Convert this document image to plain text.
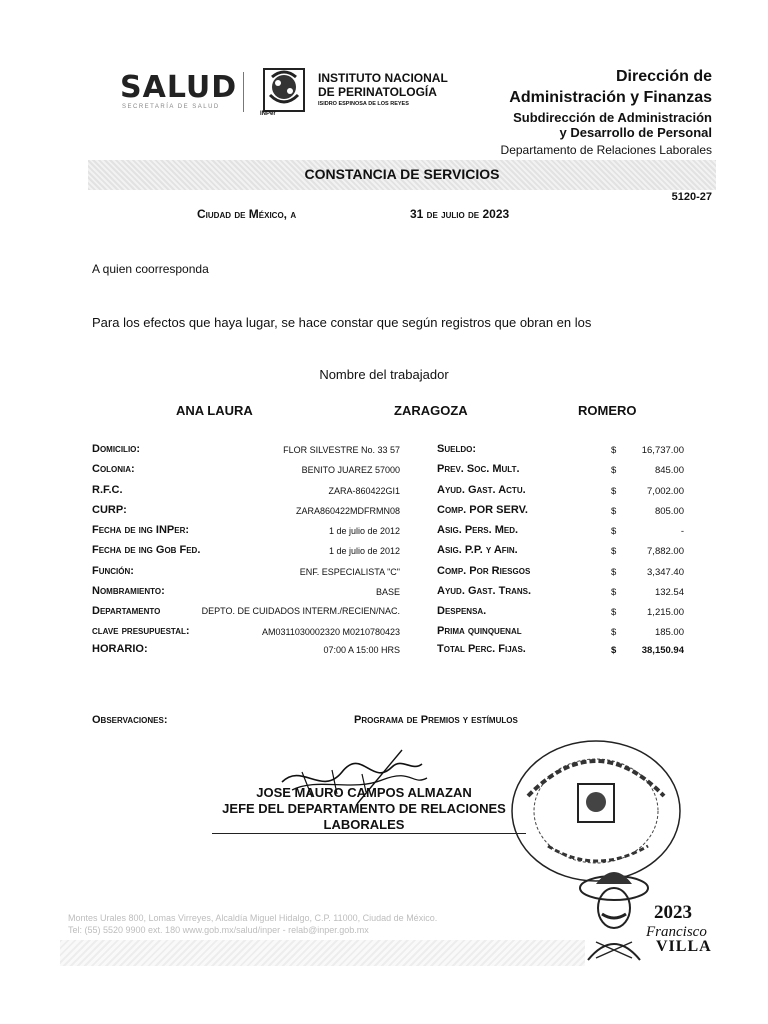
SALUD
SECRETARÍA DE SALUD
INPer
INSTITUTO NACIONAL
DE PERINATOLOGÍA
ISIDRO ESPINOSA DE LOS REYES
Dirección de
Administración y Finanzas
Subdirección de Administración
y Desarrollo de Personal
Departamento de Relaciones Laborales
CONSTANCIA DE SERVICIOS
5120-27
Ciudad de México, a	31 de julio de 2023
A quien coorresponda
Para los efectos que haya lugar, se hace constar que según registros que obran en los
Nombre del trabajador
ANA LAURA	ZARAGOZA	ROMERO
Domicilio:	FLOR SILVESTRE No. 33 57
Colonia:	BENITO JUAREZ 57000
R.F.C.	ZARA-860422GI1
CURP:	ZARA860422MDFRMN08
Fecha de ing INPer:	1 de julio de 2012
Fecha de ing Gob Fed.	1 de julio de 2012
Función:	ENF. ESPECIALISTA "C"
Nombramiento:	BASE
Departamento	DEPTO. DE CUIDADOS INTERM./RECIEN/NAC.
clave presupuestal:	AM0311030002320 M0210780423
HORARIO:	07:00 A 15:00 HRS
Sueldo:	$	16,737.00
Prev. Soc. Mult.	$	845.00
Ayud. Gast. Actu.	$	7,002.00
Comp. POR SERV.	$	805.00
Asig. Pers. Med.	$	-
Asig. P.P. y Afin.	$	7,882.00
Comp. Por Riesgos	$	3,347.40
Ayud. Gast. Trans.	$	132.54
Despensa.	$	1,215.00
Prima quinquenal	$	185.00
Total Perc. Fijas.	$	38,150.94
Observaciones:	Programa de Premios y estímulos
JOSE MAURO CAMPOS ALMAZAN
JEFE DEL DEPARTAMENTO DE RELACIONES
LABORALES
Montes Urales 800, Lomas Virreyes, Alcaldía Miguel Hidalgo, C.P. 11000, Ciudad de México.
Tel: (55) 5520 9900 ext. 180 www.gob.mx/salud/inper - relab@inper.gob.mx
2023
Francisco
VILLA
